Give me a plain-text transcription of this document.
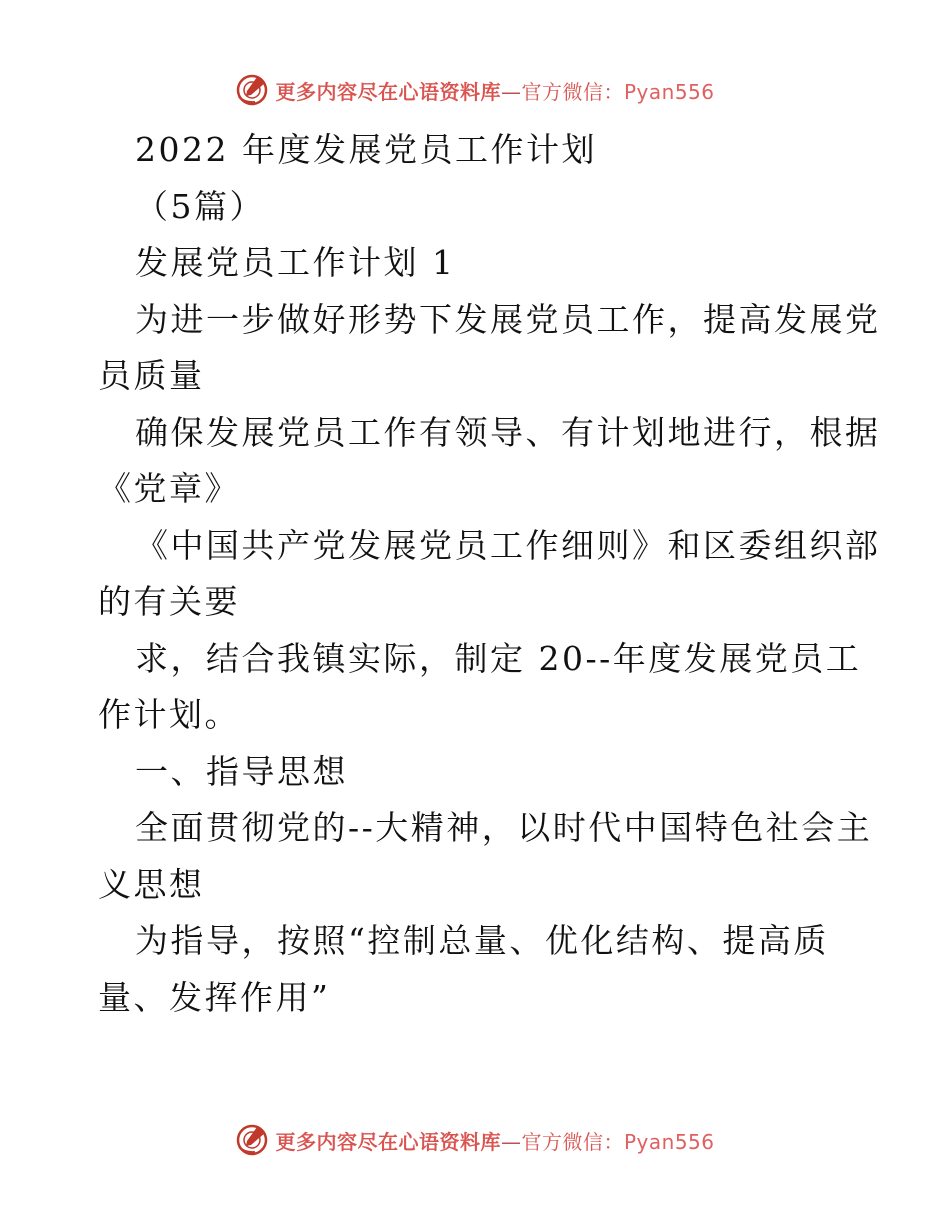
更多内容尽在心语资料库—官方微信：Pyan556
2022 年度发展党员工作计划
（5篇）
发展党员工作计划 1
为进一步做好形势下发展党员工作，提高发展党
员质量
确保发展党员工作有领导、有计划地进行，根据
《党章》
《中国共产党发展党员工作细则》和区委组织部
的有关要
求，结合我镇实际，制定 20--年度发展党员工
作计划。
一、指导思想
全面贯彻党的--大精神，以时代中国特色社会主
义思想
为指导，按照“控制总量、优化结构、提高质
量、发挥作用”
更多内容尽在心语资料库—官方微信：Pyan556
